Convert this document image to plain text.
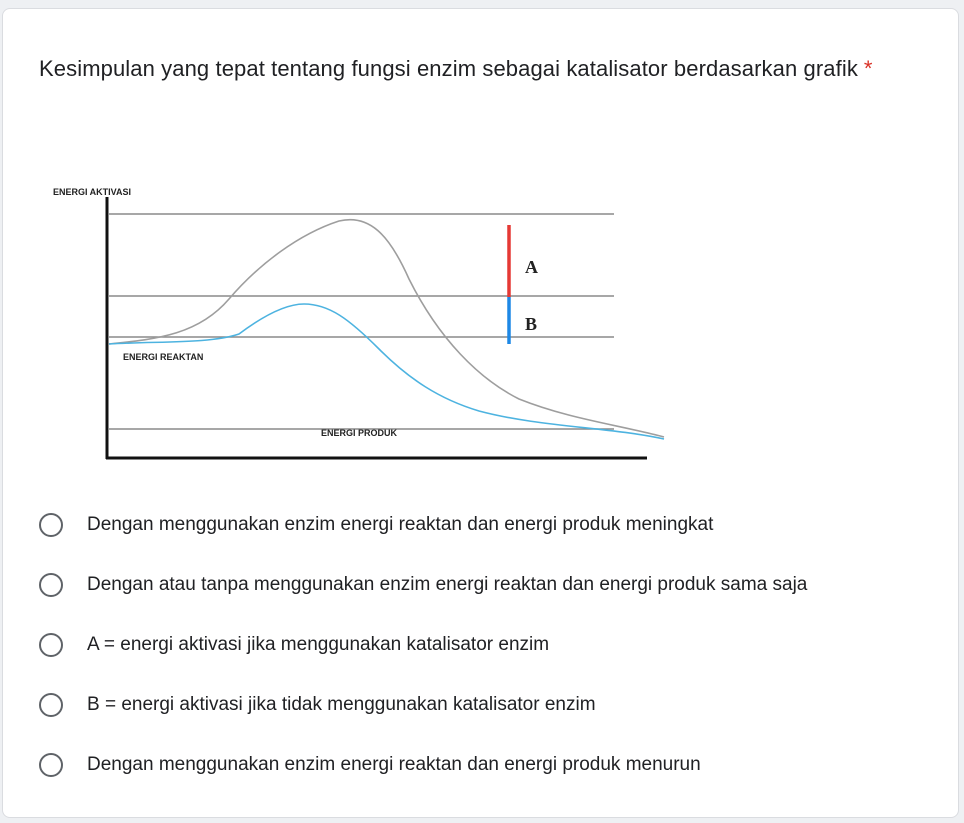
Kesimpulan yang tepat tentang fungsi enzim sebagai katalisator berdasarkan grafik *
ENERGI AKTIVASI
ENERGI REAKTAN
ENERGI PRODUK
A
B
Dengan menggunakan enzim energi reaktan dan energi produk meningkat
Dengan atau tanpa menggunakan enzim energi reaktan dan energi produk sama saja
A = energi aktivasi jika menggunakan katalisator enzim
B = energi aktivasi jika tidak menggunakan katalisator enzim
Dengan menggunakan enzim energi reaktan dan energi produk menurun
